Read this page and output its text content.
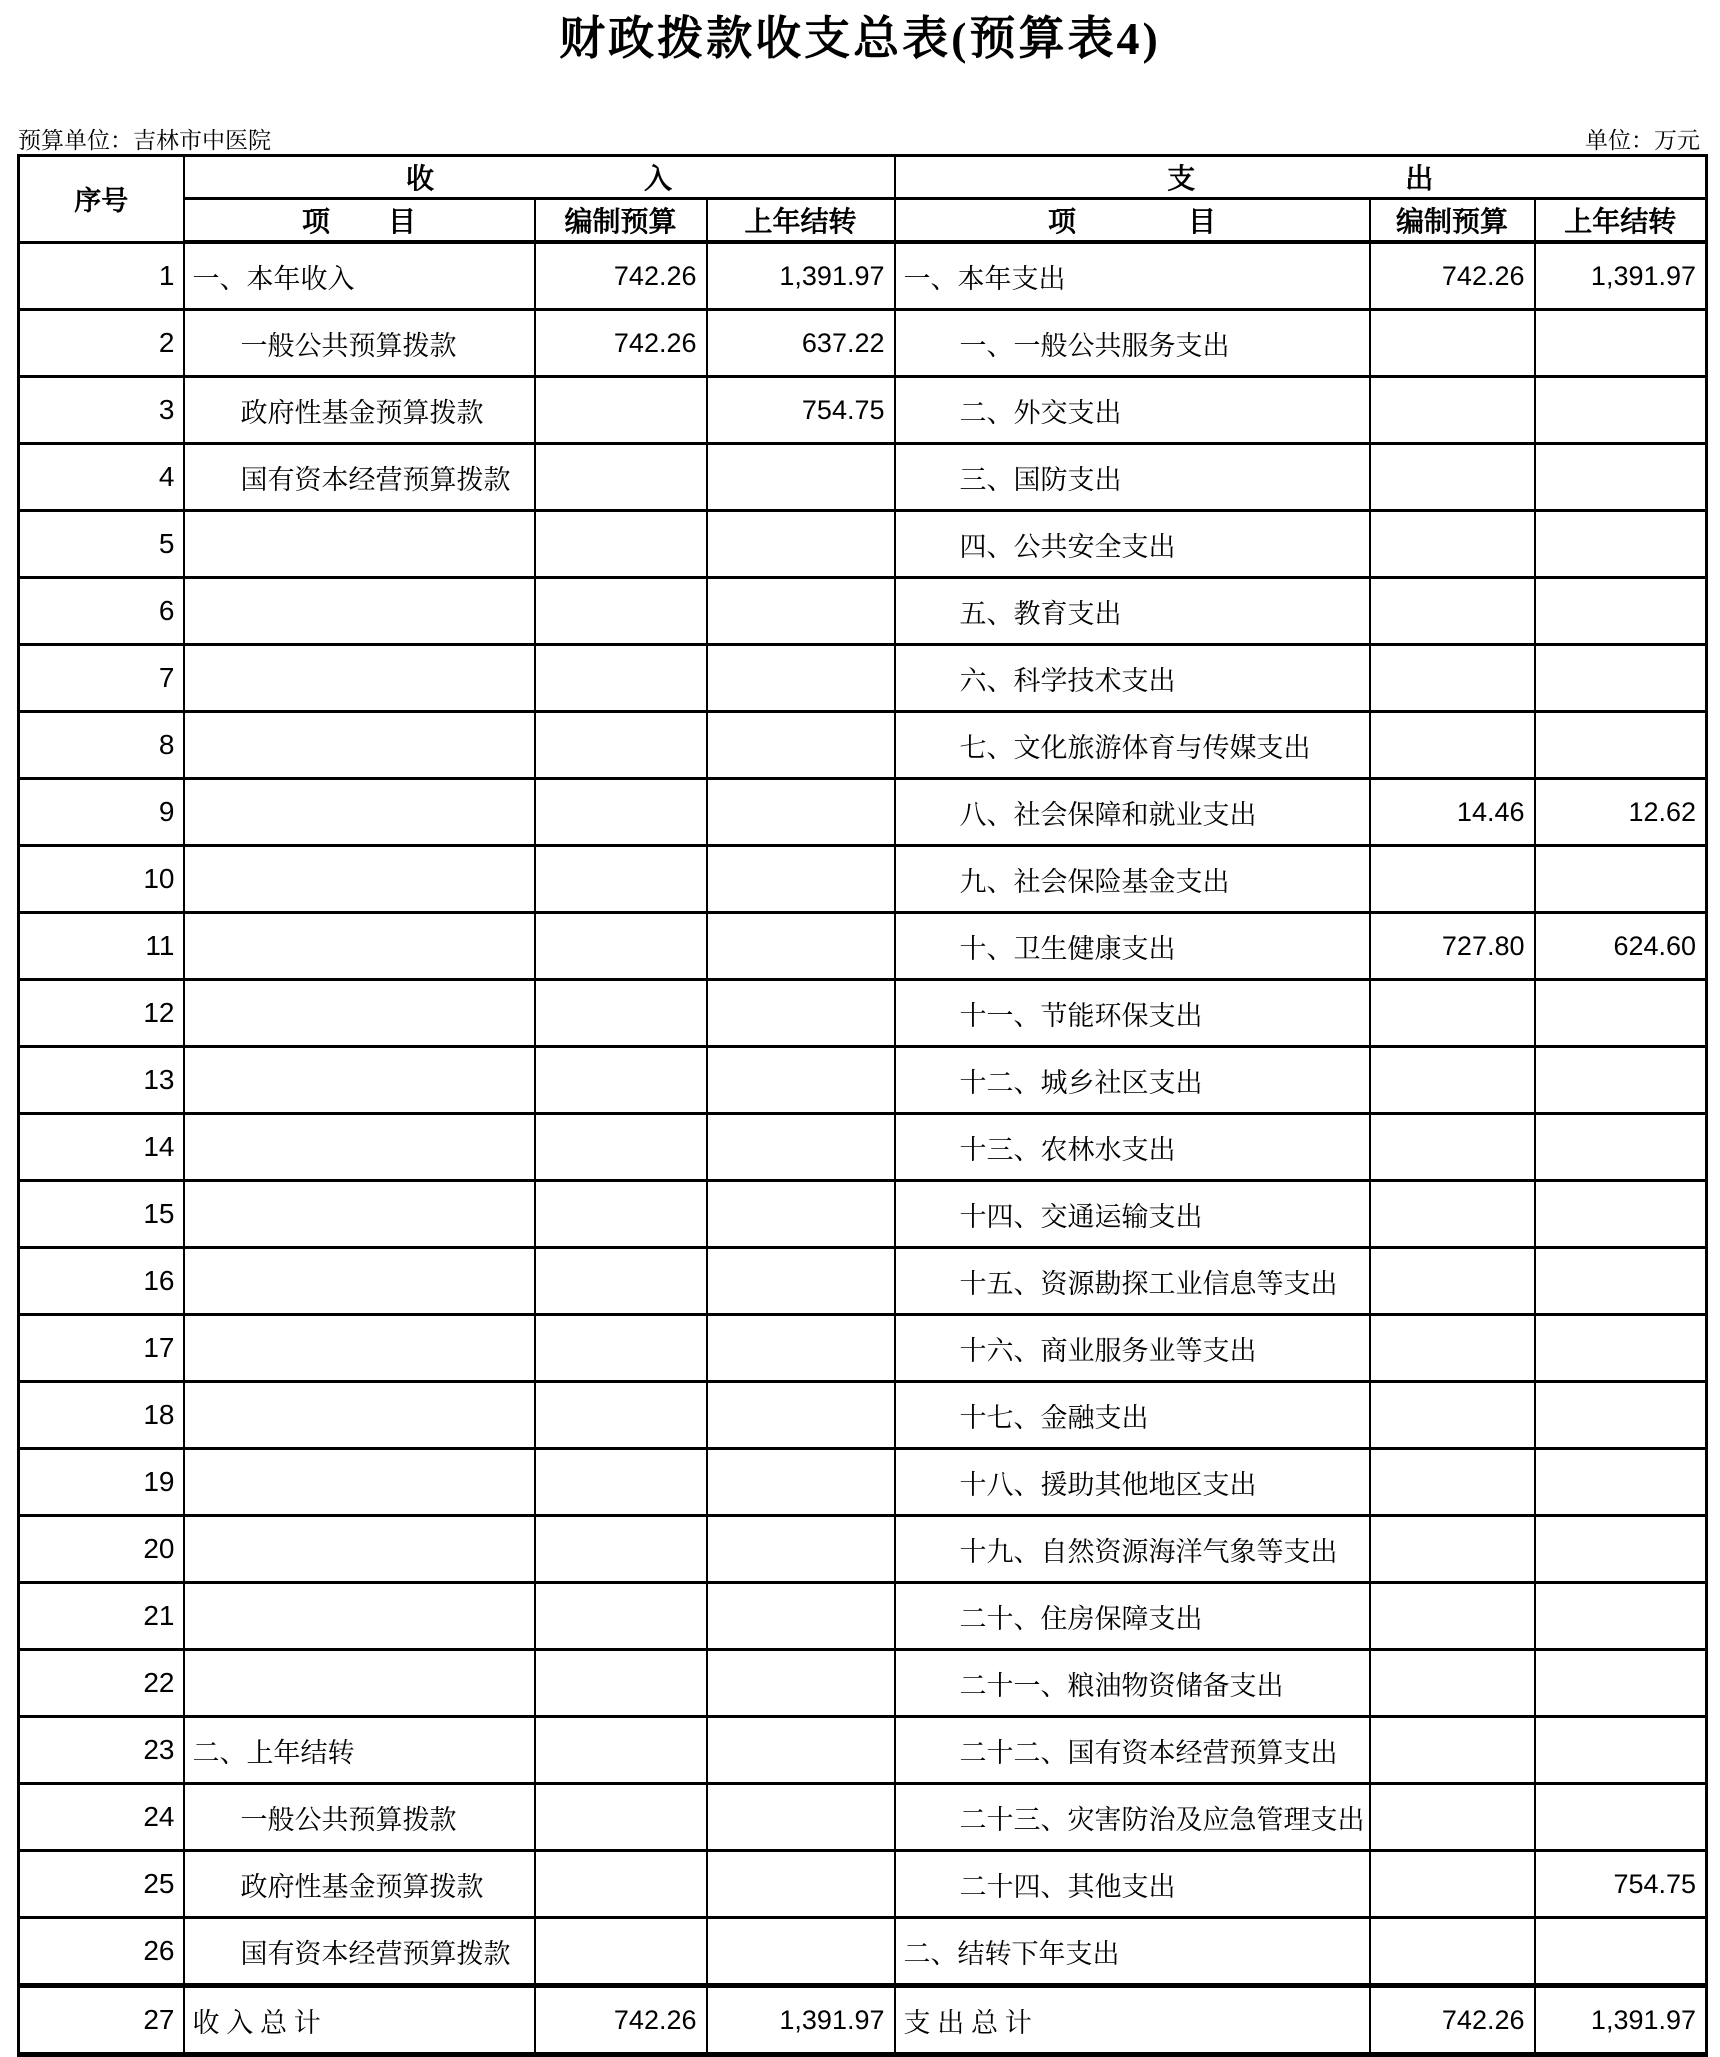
财政拨款收支总表(预算表4)
预算单位：吉林市中医院	单位：万元
序号	收 入			支 出		

	项 目	编制预算	上年结转	项 目	编制预算	上年结转
1	一、本年收入	742.26	1,391.97	一、本年支出	742.26	1,391.97
2	一般公共预算拨款	742.26	637.22	一、一般公共服务支出		
3	政府性基金预算拨款		754.75	二、外交支出		
4	国有资本经营预算拨款			三、国防支出		
5				四、公共安全支出		
6				五、教育支出		
7				六、科学技术支出		
8				七、文化旅游体育与传媒支出		
9				八、社会保障和就业支出	14.46	12.62
10				九、社会保险基金支出		
11				十、卫生健康支出	727.80	624.60
12				十一、节能环保支出		
13				十二、城乡社区支出		
14				十三、农林水支出		
15				十四、交通运输支出		
16				十五、资源勘探工业信息等支出		
17				十六、商业服务业等支出		
18				十七、金融支出		
19				十八、援助其他地区支出		
20				十九、自然资源海洋气象等支出		
21				二十、住房保障支出		
22				二十一、粮油物资储备支出		
23	二、上年结转			二十二、国有资本经营预算支出		
24	一般公共预算拨款			二十三、灾害防治及应急管理支出		
25	政府性基金预算拨款			二十四、其他支出		754.75
26	国有资本经营预算拨款			二、结转下年支出		
27	收 入 总 计	742.26	1,391.97	支 出 总 计	742.26	1,391.97
